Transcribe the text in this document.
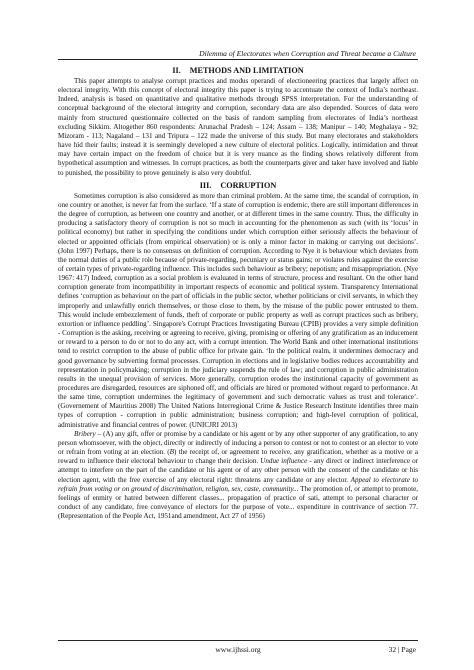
Dilemma of Electorates when Corruption and Threat became a Culture
II. METHODS AND LIMITATION

This paper attempts to analyse corrupt practices and modus operandi of electioneering practices that largely affect on electoral integrity. With this concept of electoral integrity this paper is trying to accentuate the context of India’s northeast. Indeed, analysis is based on quantitative and qualitative methods through SPSS interpretation. For the understanding of conceptual background of the electoral integrity and corruption, secondary data are also depended. Sources of data were mainly from structured questionnaire collected on the basis of random sampling from electorates of India’s northeast excluding Sikkim. Altogether 860 respondents: Arunachal Pradesh – 124; Assam – 138; Manipur – 140; Meghalaya - 92; Mizoram - 113; Nagaland – 131 and Tripura – 122 made the universe of this study. But many electorates and stakeholders have hid their faults; instead it is seemingly developed a new culture of electoral politics. Logically, intimidation and threat may have certain impact on the freedom of choice but it is very nuance as the finding shows relatively different from hypothetical assumption and witnesses. In corrupt practices, as both the counterparts giver and taker have involved and liable to punished, the possibility to prove genuinely is also very doubtful.

III. CORRUPTION

Sometimes corruption is also considered as more than criminal problem. At the same time, the scandal of corruption, in one country or another, is never far from the surface. ‘If a state of corruption is endemic, there are still important differences in the degree of corruption, as between one country and another, or at different times in the same country. Thus, the difficulty in producing a satisfactory theory of corruption is not so much in accounting for the phenomenon as such (with its ‘locus’ in political economy) but rather in specifying the conditions under which corruption either seriously affects the behaviour of elected or appointed officials (from empirical observation) or is only a minor factor in making or carrying out decisions’. (John 1997) Perhaps, there is no consensus on definition of corruption. According to Nye it is behaviour which deviates from the normal duties of a public role because of private-regarding, pecuniary or status gains; or violates rules against the exercise of certain types of private-regarding influence. This includes such behaviour as bribery; nepotism; and misappropriation. (Nye 1967: 417) Indeed, corruption as a social problem is evaluated in terms of structure, process and resultant. On the other hand corruption generate from incompatibility in important respects of economic and political system. Transparency International defines ‘corruption as behaviour on the part of officials in the public sector, whether politicians or civil servants, in which they improperly and unlawfully enrich themselves, or those close to them, by the misuse of the public power entrusted to them. This would include embezzlement of funds, theft of corporate or public property as well as corrupt practices such as bribery, extortion or influence peddling’. Singapore's Corrupt Practices Investigating Bureau (CPIB) provides a very simple definition - Corruption is the asking, receiving or agreeing to receive, giving, promising or offering of any gratification as an inducement or reward to a person to do or not to do any act, with a corrupt intention. The World Bank and other international institutions tend to restrict corruption to the abuse of public office for private gain. ‘In the political realm, it undermines democracy and good governance by subverting formal processes. Corruption in elections and in legislative bodies reduces accountability and representation in policymaking; corruption in the judiciary suspends the rule of law; and corruption in public administration results in the unequal provision of services. More generally, corruption erodes the institutional capacity of government as procedures are disregarded, resources are siphoned off, and officials are hired or promoted without regard to performance. At the same time, corruption undermines the legitimacy of government and such democratic values as trust and tolerance’. (Governement of Mauritius 2008) The United Nations Interregional Crime & Justice Research Institute identifies three main types of corruption - corruption in public administration; business corruption; and high-level corruption of political, administrative and financial centres of power. (UNICJRI 2013)

Bribery – (A) any gift, offer or promise by a candidate or his agent or by any other supporter of any gratification, to any person whomsoever, with the object, directly or indirectly of inducing a person to contest or not to contest or an elector to vote or refrain from voting at an election. (B) the receipt of, or agreement to receive, any gratification, whether as a motive or a reward to influence their electoral behaviour to change their decision. Undue influence - any direct or indirect interference or attempt to interfere on the part of the candidate or his agent or of any other person with the consent of the candidate or his election agent, with the free exercise of any electoral right: threatens any candidate or any elector. Appeal to electorate to refrain from voting or on ground of discrimination, religion, sex, caste, community... The promotion of, or attempt to promote, feelings of enmity or hatred between different classes... propagation of practice of sati, attempt to personal character or conduct of any candidate, free conveyance of electors for the purpose of vote... expenditure in contrivance of section 77. (Representation of the People Act, 1951and amendment, Act 27 of 1956)

www.ijhssi.org	32 | Page
